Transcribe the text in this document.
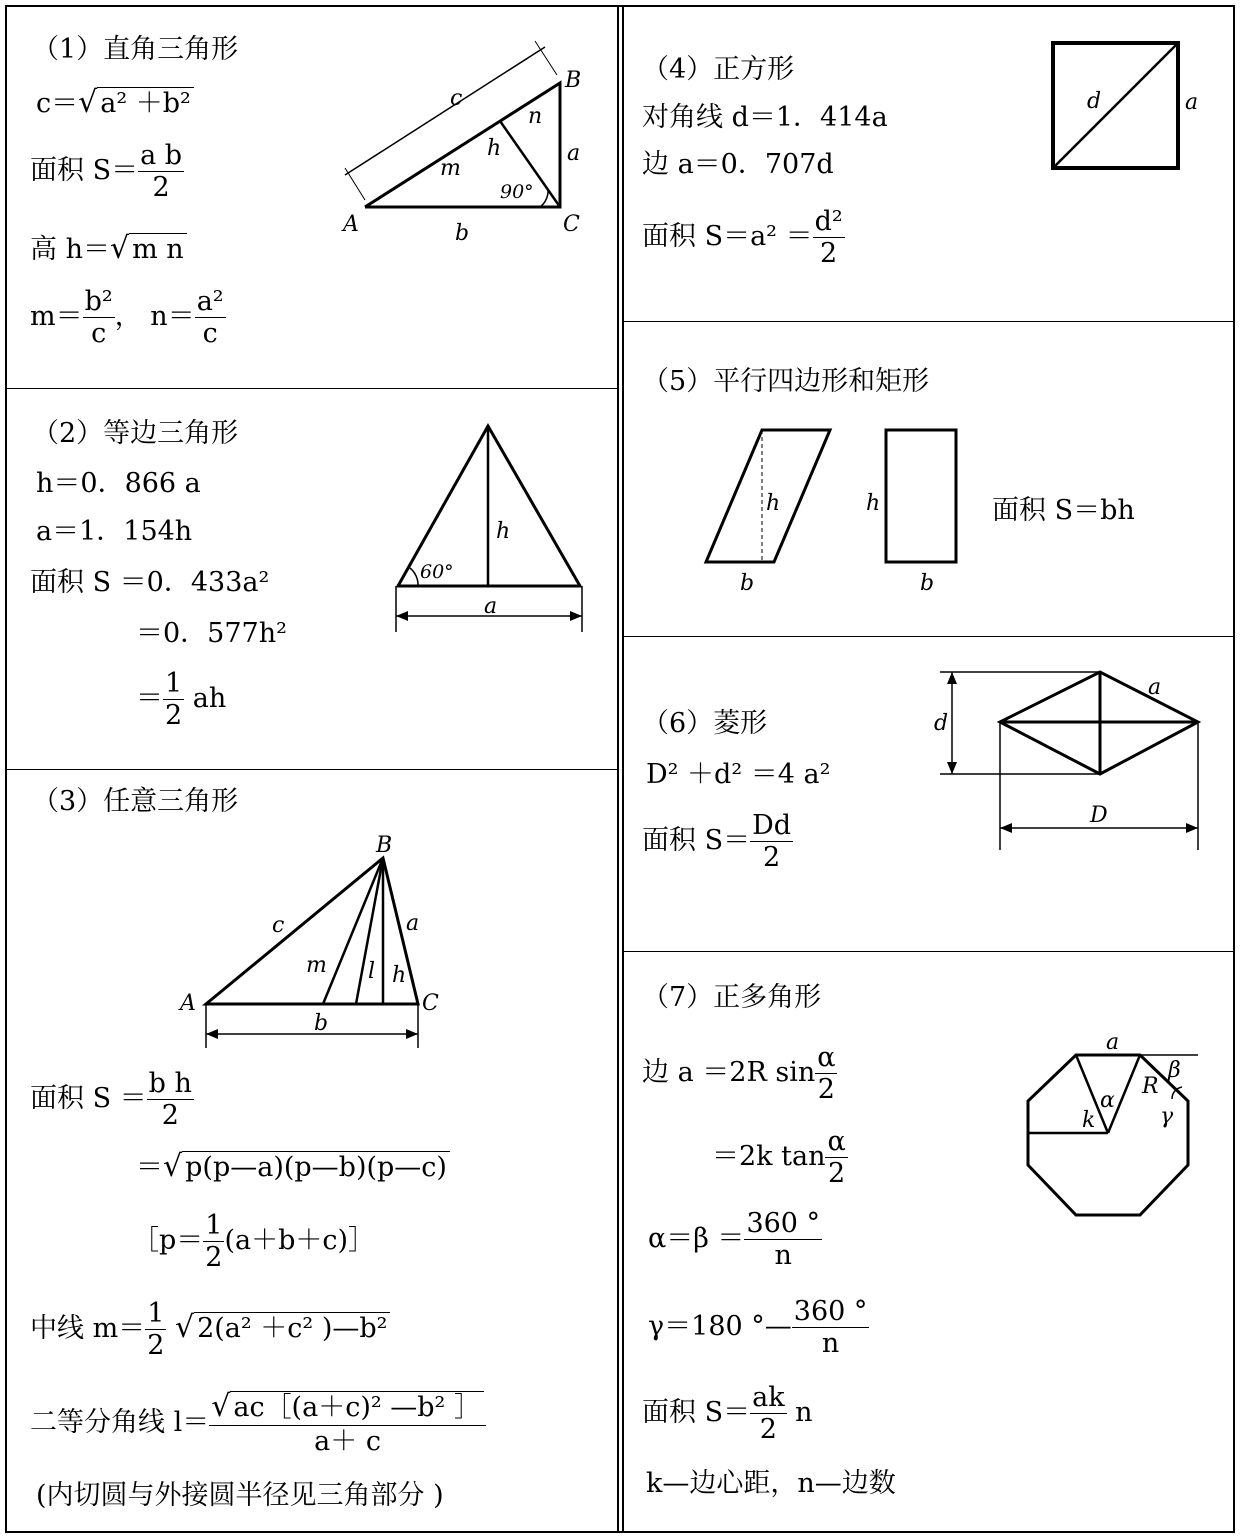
（1）直角三角形
c＝√ a² ＋b²
面积 $S= \frac{\text{a b}}{2}$
高 h＝√ m n
$m= \frac{\text{b²}}{c}$ ， $n= \frac{\text{a²}}{c}$
c
B
n
a
h
m
90°
A	b	C
（2）等边三角形
h＝0．866 a
a＝1．154h
面积 S ＝0．433a²
＝0．577h²
＝ $\frac{1}{2}$ ah
h
60°
a
（3）任意三角形
B
c	a
m l h
A	C
b
面积 $S = \frac{\text{b h}}{2}$
＝√ p(p—a)(p—b)(p—c)
［p＝ $\frac{1}{2}$ (a＋b＋c)］
中线 $m= \frac{1}{2}$ √ 2(a² ＋c² )—b²
二等分角线 $l= \frac{\text{√ ac［(a＋c)² —b² ］}}{a+ c}$
(内切圆与外接圆半径见三角部分 )
（4）正方形
对角线 d＝1．414a
边 a＝0．707d
面积 $S=a^2 = \frac{\text{d²}}{2}$
d	a
（5）平行四边形和矩形
h
b
h
b
面积 S＝bh
（6）菱形
D² ＋d² ＝4 a²
面积 $S= \frac{Dd}{2}$
a
d
D
（7）正多角形
边 a ＝2R $\sin \frac{\alpha}{2}$
＝2k $\tan \frac{\alpha}{2}$
$\alpha=\beta = \frac{360 ^\circ}{n}$
γ＝180 °— $\frac{360 ^\circ}{n}$
面积 $S= \frac{ak}{2}$ n
k—边心距，n—边数
a
β
R
γ
α
k
